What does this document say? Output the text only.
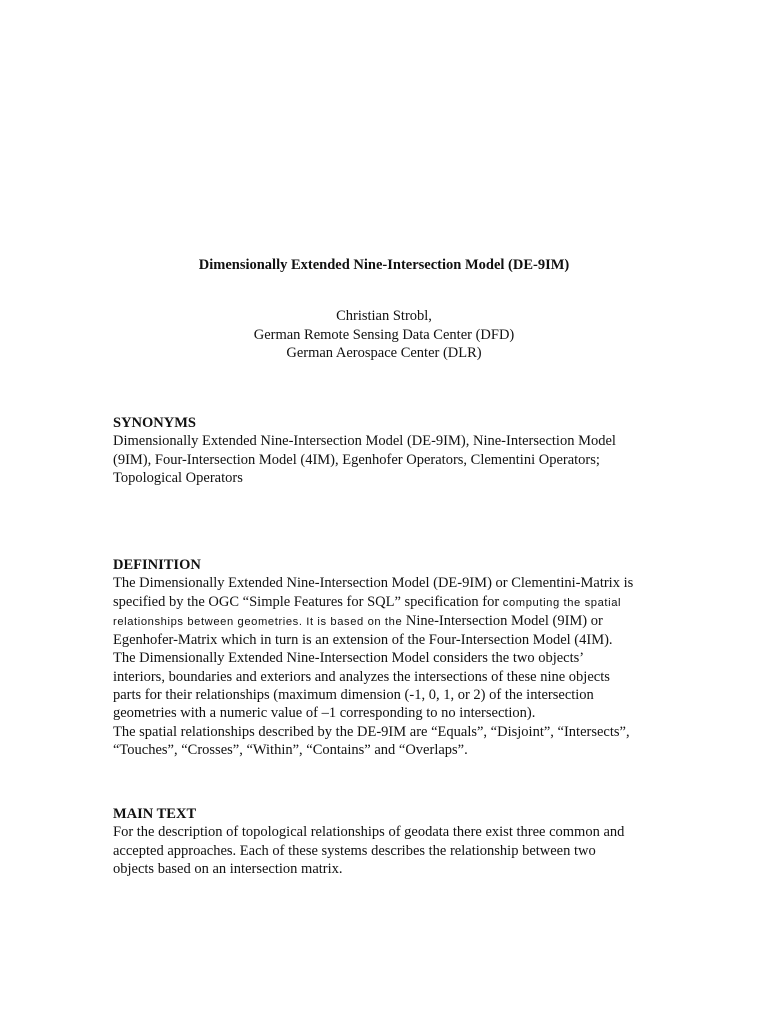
Dimensionally Extended Nine-Intersection Model (DE-9IM)
Christian Strobl,
German Remote Sensing Data Center (DFD)
German Aerospace Center (DLR)
SYNONYMS

Dimensionally Extended Nine-Intersection Model (DE-9IM), Nine-Intersection Model
(9IM), Four-Intersection Model (4IM), Egenhofer Operators, Clementini Operators;
Topological Operators

DEFINITION

The Dimensionally Extended Nine-Intersection Model (DE-9IM) or Clementini-Matrix is
specified by the OGC “Simple Features for SQL” specification for computing the spatial
relationships between geometries. It is based on the Nine-Intersection Model (9IM) or
Egenhofer-Matrix which in turn is an extension of the Four-Intersection Model (4IM).
The Dimensionally Extended Nine-Intersection Model considers the two objects’
interiors, boundaries and exteriors and analyzes the intersections of these nine objects
parts for their relationships (maximum dimension (-1, 0, 1, or 2) of the intersection
geometries with a numeric value of –1 corresponding to no intersection).
The spatial relationships described by the DE-9IM are “Equals”, “Disjoint”, “Intersects”,
“Touches”, “Crosses”, “Within”, “Contains” and “Overlaps”.

MAIN TEXT

For the description of topological relationships of geodata there exist three common and
accepted approaches. Each of these systems describes the relationship between two
objects based on an intersection matrix.
